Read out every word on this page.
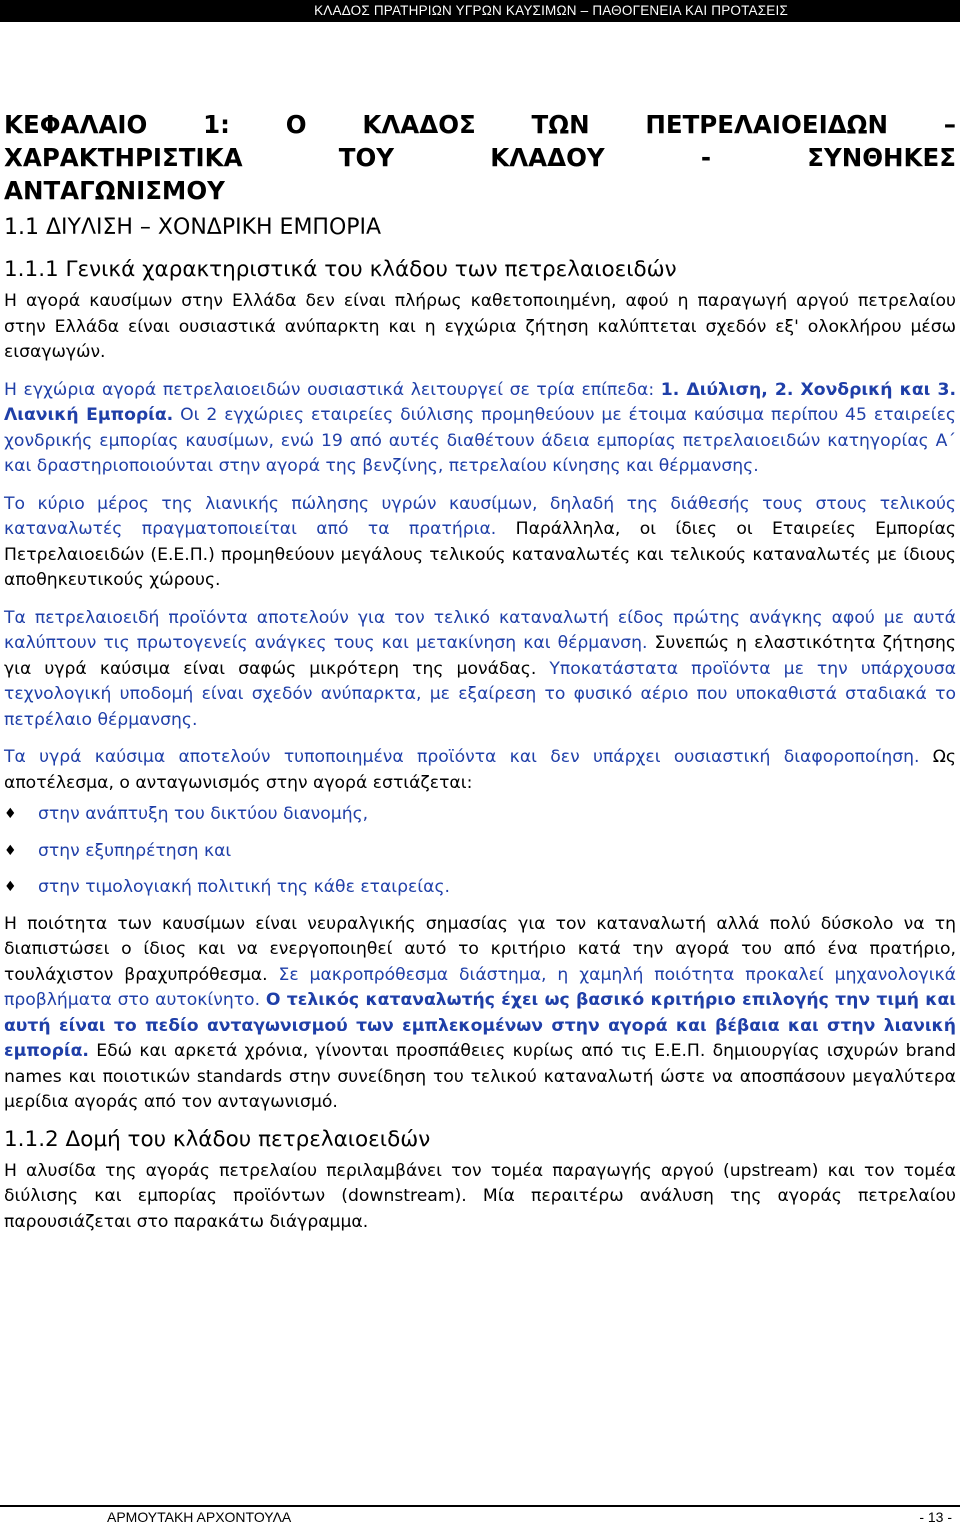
ΚΛΑΔΟΣ ΠΡΑΤΗΡΙΩΝ ΥΓΡΩΝ ΚΑΥΣΙΜΩΝ – ΠΑΘΟΓΕΝΕΙΑ ΚΑΙ ΠΡΟΤΑΣΕΙΣ
ΚΕΦΑΛΑΙΟ 1: Ο ΚΛΑΔΟΣ ΤΩΝ ΠΕΤΡΕΛΑΙΟΕΙΔΩΝ –
ΧΑΡΑΚΤΗΡΙΣΤΙΚΑ ΤΟΥ ΚΛΑΔΟΥ - ΣΥΝΘΗΚΕΣ
ΑΝΤΑΓΩΝΙΣΜΟΥ
1.1 ΔΙΥΛΙΣΗ – ΧΟΝΔΡΙΚΗ ΕΜΠΟΡΙΑ
1.1.1 Γενικά χαρακτηριστικά του κλάδου των πετρελαιοειδών

Η αγορά καυσίμων στην Ελλάδα δεν είναι πλήρως καθετοποιημένη, αφού η παραγωγή αργού πετρελαίου στην Ελλάδα είναι ουσιαστικά ανύπαρκτη και η εγχώρια ζήτηση καλύπτεται σχεδόν εξ' ολοκλήρου μέσω εισαγωγών.

Η εγχώρια αγορά πετρελαιοειδών ουσιαστικά λειτουργεί σε τρία επίπεδα: 1. Διύλιση, 2. Χονδρική και 3. Λιανική Εμπορία. Οι 2 εγχώριες εταιρείες διύλισης προμηθεύουν με έτοιμα καύσιμα περίπου 45 εταιρείες χονδρικής εμπορίας καυσίμων, ενώ 19 από αυτές διαθέτουν άδεια εμπορίας πετρελαιοειδών κατηγορίας Α΄ και δραστηριοποιούνται στην αγορά της βενζίνης, πετρελαίου κίνησης και θέρμανσης.

Το κύριο μέρος της λιανικής πώλησης υγρών καυσίμων, δηλαδή της διάθεσής τους στους τελικούς καταναλωτές πραγματοποιείται από τα πρατήρια. Παράλληλα, οι ίδιες οι Εταιρείες Εμπορίας Πετρελαιοειδών (Ε.Ε.Π.) προμηθεύουν μεγάλους τελικούς καταναλωτές και τελικούς καταναλωτές με ίδιους αποθηκευτικούς χώρους.

Τα πετρελαιοειδή προϊόντα αποτελούν για τον τελικό καταναλωτή είδος πρώτης ανάγκης αφού με αυτά καλύπτουν τις πρωτογενείς ανάγκες τους και μετακίνηση και θέρμανση. Συνεπώς η ελαστικότητα ζήτησης για υγρά καύσιμα είναι σαφώς μικρότερη της μονάδας. Υποκατάστατα προϊόντα με την υπάρχουσα τεχνολογική υποδομή είναι σχεδόν ανύπαρκτα, με εξαίρεση το φυσικό αέριο που υποκαθιστά σταδιακά το πετρέλαιο θέρμανσης.

Τα υγρά καύσιμα αποτελούν τυποποιημένα προϊόντα και δεν υπάρχει ουσιαστική διαφοροποίηση. Ως αποτέλεσμα, ο ανταγωνισμός στην αγορά εστιάζεται:

♦	στην ανάπτυξη του δικτύου διανομής,
♦	στην εξυπηρέτηση και
♦	στην τιμολογιακή πολιτική της κάθε εταιρείας.

Η ποιότητα των καυσίμων είναι νευραλγικής σημασίας για τον καταναλωτή αλλά πολύ δύσκολο να τη διαπιστώσει ο ίδιος και να ενεργοποιηθεί αυτό το κριτήριο κατά την αγορά του από ένα πρατήριο, τουλάχιστον βραχυπρόθεσμα. Σε μακροπρόθεσμα διάστημα, η χαμηλή ποιότητα προκαλεί μηχανολογικά προβλήματα στο αυτοκίνητο. Ο τελικός καταναλωτής έχει ως βασικό κριτήριο επιλογής την τιμή και αυτή είναι το πεδίο ανταγωνισμού των εμπλεκομένων στην αγορά και βέβαια και στην λιανική εμπορία. Εδώ και αρκετά χρόνια, γίνονται προσπάθειες κυρίως από τις Ε.Ε.Π. δημιουργίας ισχυρών brand names και ποιοτικών standards στην συνείδηση του τελικού καταναλωτή ώστε να αποσπάσουν μεγαλύτερα μερίδια αγοράς από τον ανταγωνισμό.

1.1.2 Δομή του κλάδου πετρελαιοειδών

Η αλυσίδα της αγοράς πετρελαίου περιλαμβάνει τον τομέα παραγωγής αργού (upstream) και τον τομέα διύλισης και εμπορίας προϊόντων (downstream). Μία περαιτέρω ανάλυση της αγοράς πετρελαίου παρουσιάζεται στο παρακάτω διάγραμμα.

ΑΡΜΟΥΤΑΚΗ ΑΡΧΟΝΤΟΥΛΑ	- 13 -
